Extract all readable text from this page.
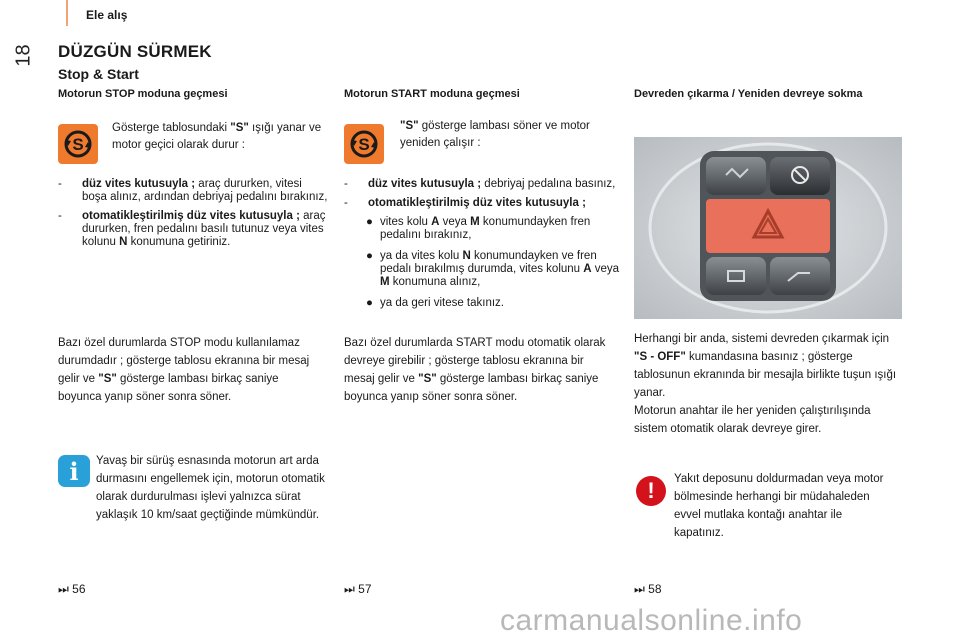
18
Ele alış
DÜZGÜN SÜRMEK
Stop & Start
Motorun STOP moduna geçmesi
S
Gösterge tablosundaki "S" ışığı yanar ve motor geçici olarak durur :
- düz vites kutusuyla ; araç dururken, vitesi boşa alınız, ardından debriyaj pedalını bırakınız,
- otomatikleştirilmiş düz vites kutusuyla ; araç dururken, fren pedalını basılı tutunuz veya vites kolunu N konumuna getiriniz.
Bazı özel durumlarda STOP modu kullanılamaz durumdadır ; gösterge tablosu ekranına bir mesaj gelir ve "S" gösterge lambası birkaç saniye boyunca yanıp söner sonra söner.
i	Yavaş bir sürüş esnasında motorun art arda durmasını engellemek için, motorun otomatik olarak durdurulması işlevi yalnızca sürat yaklaşık 10 km/saat geçtiğinde mümkündür.
⏭ 56
Motorun START moduna geçmesi
S
"S" gösterge lambası söner ve motor yeniden çalışır :
- düz vites kutusuyla ; debriyaj pedalına basınız,
- otomatikleştirilmiş düz vites kutusuyla ;
● vites kolu A veya M konumundayken fren pedalını bırakınız,
● ya da vites kolu N konumundayken ve fren pedalı bırakılmış durumda, vites kolunu A veya M konumuna alınız,
● ya da geri vitese takınız.
Bazı özel durumlarda START modu otomatik olarak devreye girebilir ; gösterge tablosu ekranına bir mesaj gelir ve "S" gösterge lambası birkaç saniye boyunca yanıp söner sonra söner.
⏭ 57
Devreden çıkarma / Yeniden devreye sokma
Herhangi bir anda, sistemi devreden çıkarmak için "S - OFF" kumandasına basınız ; gösterge tablosunun ekranında bir mesajla birlikte tuşun ışığı yanar.
Motorun anahtar ile her yeniden çalıştırılışında sistem otomatik olarak devreye girer.
!	Yakıt deposunu doldurmadan veya motor bölmesinde herhangi bir müdahaleden evvel mutlaka kontağı anahtar ile kapatınız.
⏭ 58
carmanualsonline.info
